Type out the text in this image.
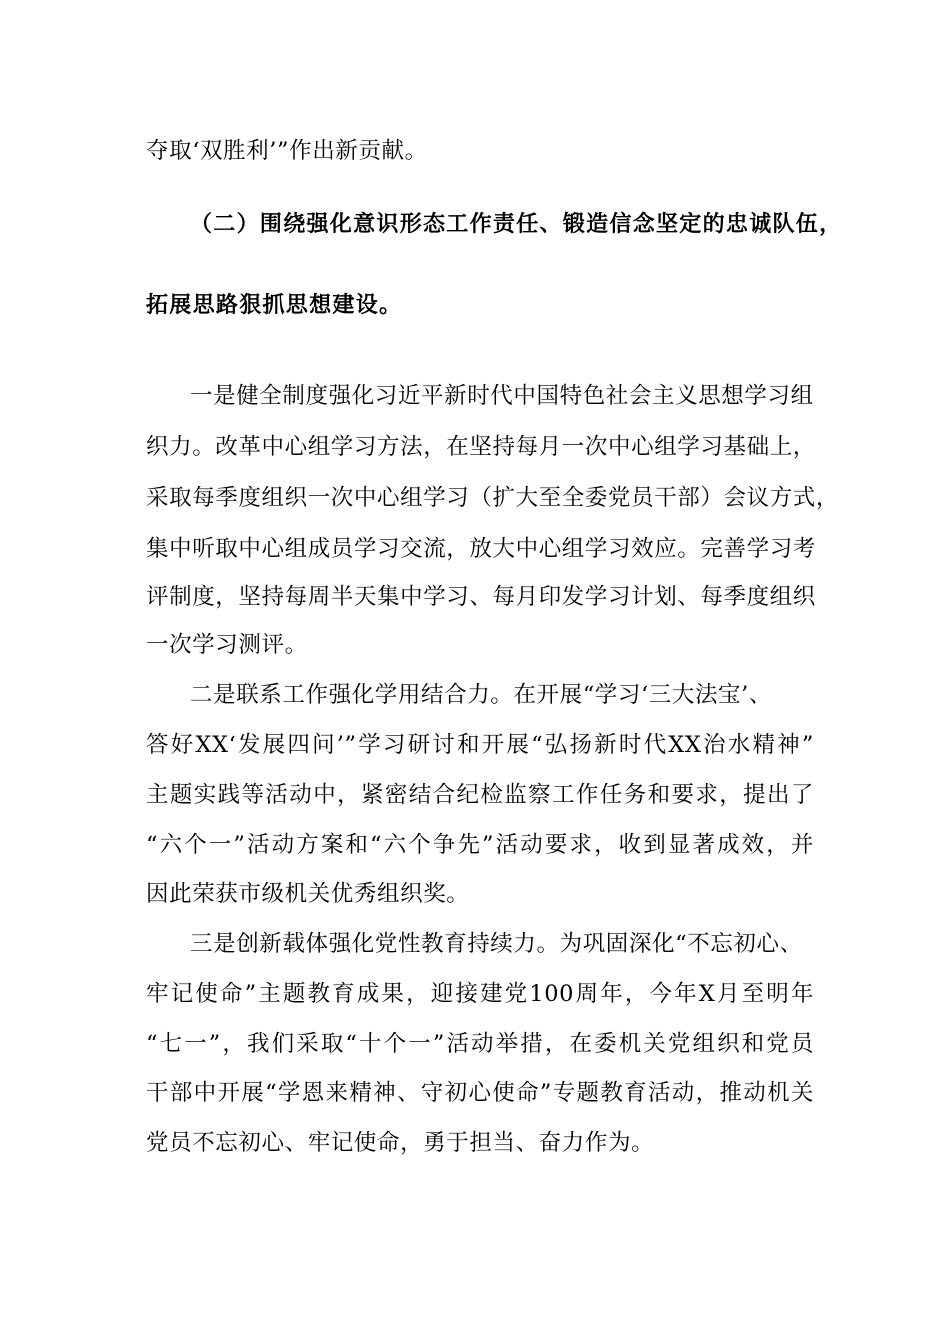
夺取‘双胜利’”作出新贡献。
（二）围绕强化意识形态工作责任、锻造信念坚定的忠诚队伍，
拓展思路狠抓思想建设。
一是健全制度强化习近平新时代中国特色社会主义思想学习组
织力。改革中心组学习方法，在坚持每月一次中心组学习基础上，
采取每季度组织一次中心组学习（扩大至全委党员干部）会议方式，
集中听取中心组成员学习交流，放大中心组学习效应。完善学习考
评制度，坚持每周半天集中学习、每月印发学习计划、每季度组织
一次学习测评。
二是联系工作强化学用结合力。在开展“学习‘三大法宝’、
答好XX‘发展四问’”学习研讨和开展“弘扬新时代XX治水精神”
主题实践等活动中，紧密结合纪检监察工作任务和要求，提出了
“六个一”活动方案和“六个争先”活动要求，收到显著成效，并
因此荣获市级机关优秀组织奖。
三是创新载体强化党性教育持续力。为巩固深化“不忘初心、
牢记使命”主题教育成果，迎接建党100周年，今年X月至明年
“七一”，我们采取“十个一”活动举措，在委机关党组织和党员
干部中开展“学恩来精神、守初心使命”专题教育活动，推动机关
党员不忘初心、牢记使命，勇于担当、奋力作为。
